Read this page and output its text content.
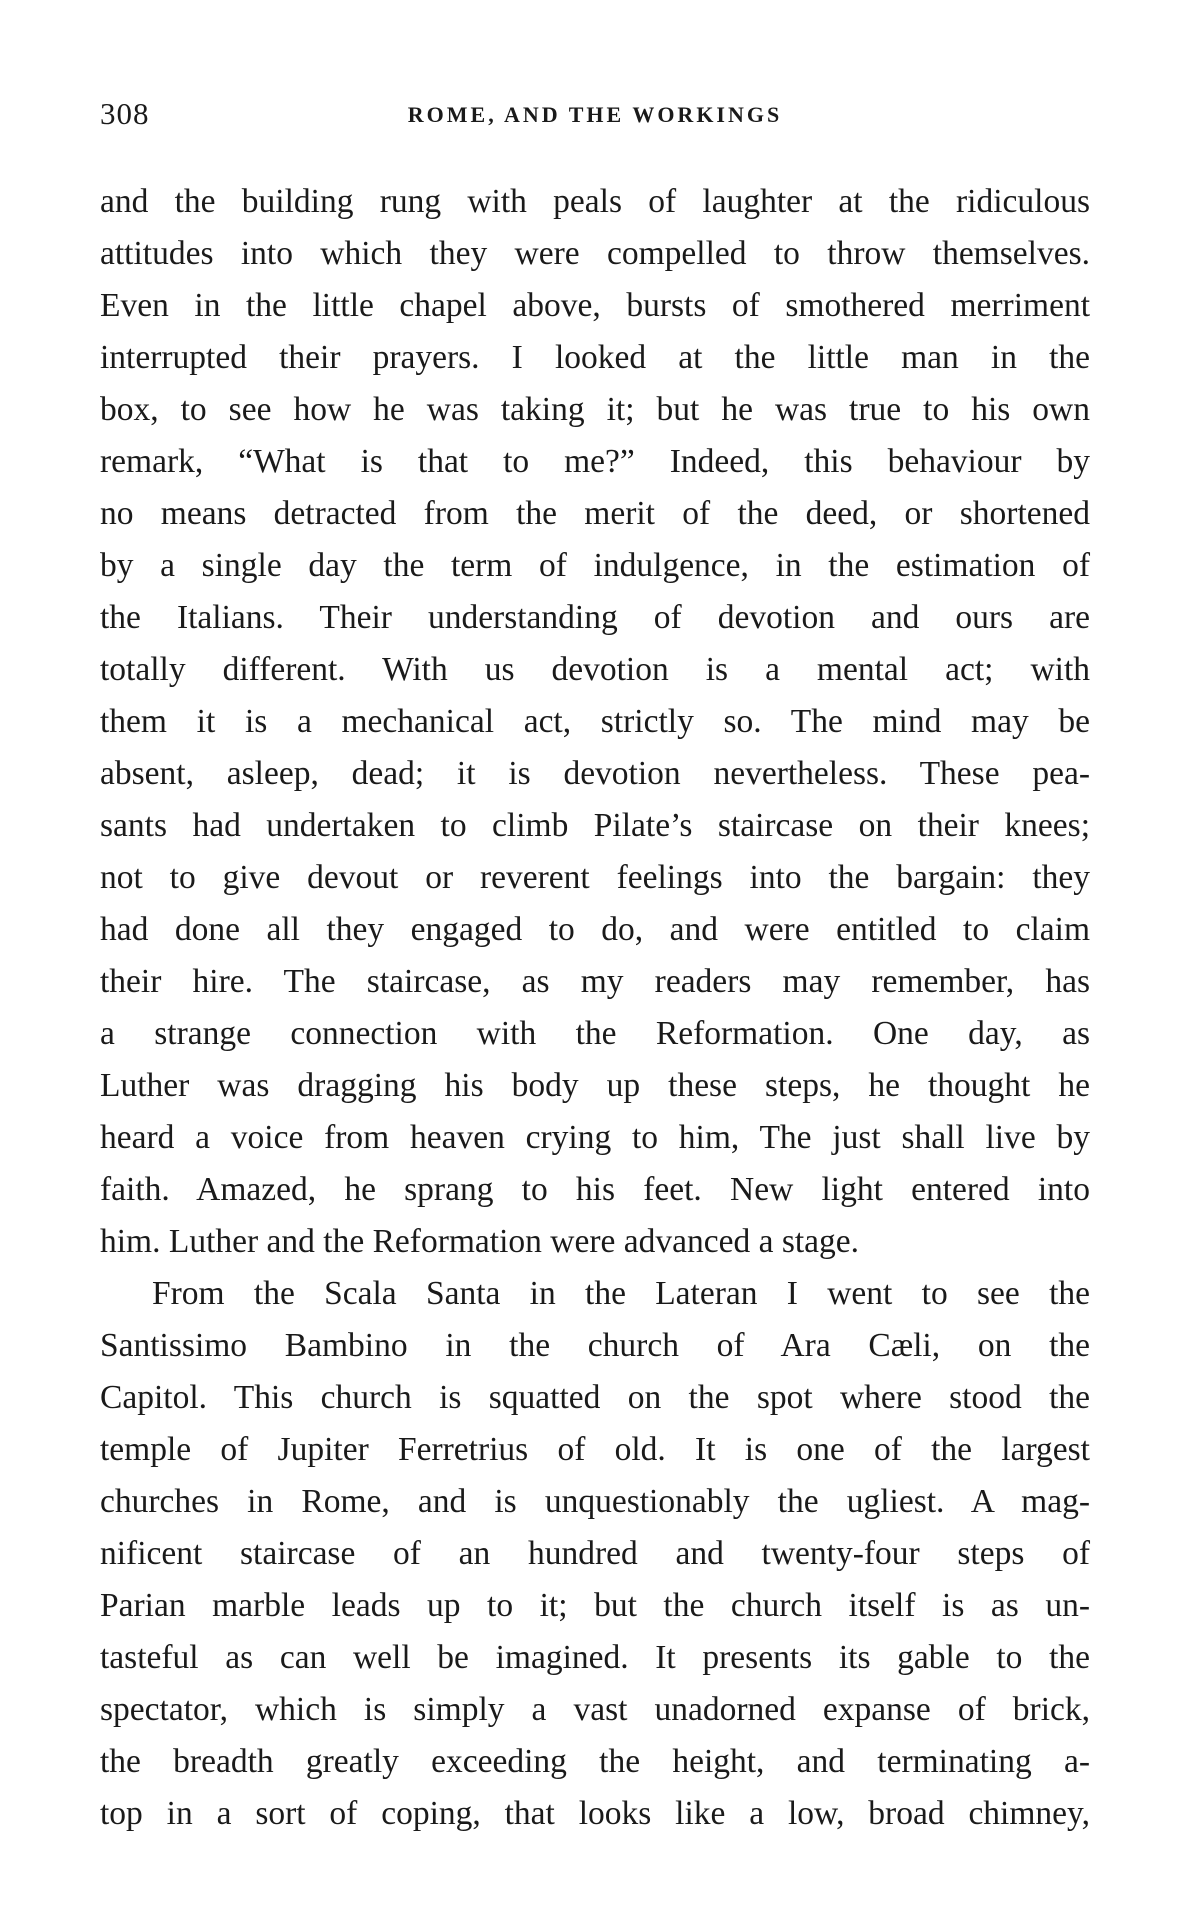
308	ROME, AND THE WORKINGS
and the building rung with peals of laughter at the ridiculous
attitudes into which they were compelled to throw themselves.
Even in the little chapel above, bursts of smothered merriment
interrupted their prayers. I looked at the little man in the
box, to see how he was taking it; but he was true to his own
remark, “What is that to me?” Indeed, this behaviour by
no means detracted from the merit of the deed, or shortened
by a single day the term of indulgence, in the estimation of
the Italians. Their understanding of devotion and ours are
totally different. With us devotion is a mental act; with
them it is a mechanical act, strictly so. The mind may be
absent, asleep, dead; it is devotion nevertheless. These pea-
sants had undertaken to climb Pilate’s staircase on their knees;
not to give devout or reverent feelings into the bargain: they
had done all they engaged to do, and were entitled to claim
their hire. The staircase, as my readers may remember, has
a strange connection with the Reformation. One day, as
Luther was dragging his body up these steps, he thought he
heard a voice from heaven crying to him, The just shall live by
faith. Amazed, he sprang to his feet. New light entered into
him. Luther and the Reformation were advanced a stage.
From the Scala Santa in the Lateran I went to see the
Santissimo Bambino in the church of Ara Cæli, on the
Capitol. This church is squatted on the spot where stood the
temple of Jupiter Ferretrius of old. It is one of the largest
churches in Rome, and is unquestionably the ugliest. A mag-
nificent staircase of an hundred and twenty-four steps of
Parian marble leads up to it; but the church itself is as un-
tasteful as can well be imagined. It presents its gable to the
spectator, which is simply a vast unadorned expanse of brick,
the breadth greatly exceeding the height, and terminating a-
top in a sort of coping, that looks like a low, broad chimney,
